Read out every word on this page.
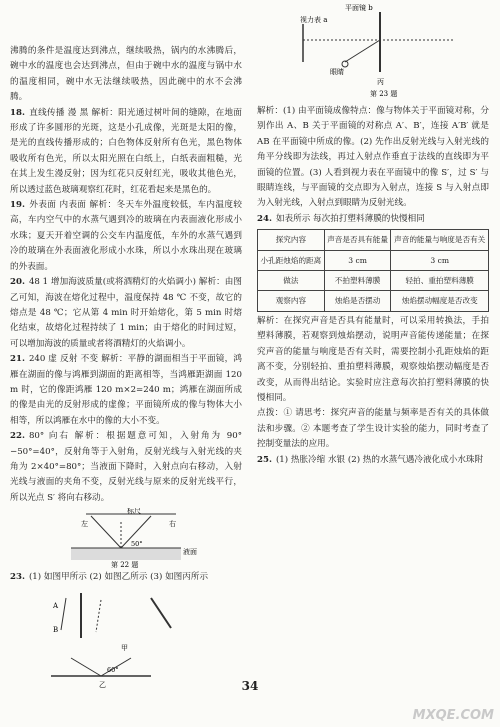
沸腾的条件是温度达到沸点，继续吸热，锅内的水沸腾后，碗中水的温度也会达到沸点，但由于碗中水的温度与锅中水的温度相同，碗中水无法继续吸热，因此碗中的水不会沸腾。

18. 直线传播 漫 黑 解析：阳光通过树叶间的缝隙，在地面形成了许多圆形的光斑，这是小孔成像，光斑是太阳的像，是光的直线传播形成的；白色物体反射所有色光，黑色物体吸收所有色光，所以太阳光照在白纸上，白纸表面粗糙，光在其上发生漫反射；因为红花只反射红光，吸收其他色光，所以透过蓝色玻璃观察红花时，红花看起来是黑色的。

19. 外表面 内表面 解析：冬天车外温度较低，车内温度较高，车内空气中的水蒸气遇到冷的玻璃在内表面液化形成小水珠；夏天开着空调的公交车内温度低，车外的水蒸气遇到冷的玻璃在外表面液化形成小水珠，所以小水珠出现在玻璃的外表面。

20. 48 1 增加海波质量(或将酒精灯的火焰调小) 解析：由图乙可知，海波在熔化过程中，温度保持 48 ℃ 不变，故它的熔点是 48 ℃；它从第 4 min 时开始熔化，第 5 min 时熔化结束，故熔化过程持续了 1 min；由于熔化的时间过短，可以增加海波的质量或者将酒精灯的火焰调小。

21. 240 虚 反射 不变 解析：平静的湖面相当于平面镜，鸿雁在湖面的像与鸿雁到湖面的距离相等，当鸿雁距湖面 120 m 时，它的像距鸿雁 120 m×2=240 m；鸿雁在湖面所成的像是由光的反射形成的虚像；平面镜所成的像与物体大小相等，所以鸿雁在水中的像的大小不变。

22. 80° 向右 解析：根据题意可知，入射角为 90°−50°=40°，反射角等于入射角，反射光线与入射光线的夹角为 2×40°=80°；当液面下降时，入射点向右移动，入射光线与液面的夹角不变，反射光线与原来的反射光线平行，所以光点 S′ 将向右移动。

标尺
左	右
50°
液面
第 22 题

23. (1) 如图甲所示 (2) 如图乙所示 (3) 如图丙所示

A
B
甲
60°
乙
平面镜 b
视力表 a
眼睛
丙
第 23 题

解析：(1) 由平面镜成像特点：像与物体关于平面镜对称，分别作出 A、B 关于平面镜的对称点 A′、B′，连接 A′B′ 就是 AB 在平面镜中所成的像。(2) 先作出反射光线与入射光线的角平分线即为法线，再过入射点作垂直于法线的直线即为平面镜的位置。(3) 人看到视力表在平面镜中的像 S′，过 S′ 与眼睛连线，与平面镜的交点即为入射点，连接 S 与入射点即为入射光线，入射点到眼睛为反射光线。

24. 如表所示 每次拍打塑料薄膜的快慢相同

探究内容	声音是否具有能量	声音的能量与响度是否有关
小孔距烛焰的距离	3 cm	3 cm
做法	不拍塑料薄膜	轻拍、重拍塑料薄膜
观察内容	烛焰是否摆动	烛焰摆动幅度是否改变

解析：在探究声音是否具有能量时，可以采用转换法，手拍塑料薄膜，若观察到烛焰摆动，说明声音能传递能量；在探究声音的能量与响度是否有关时，需要控制小孔距烛焰的距离不变，分别轻拍、重拍塑料薄膜，观察烛焰摆动幅度是否改变，从而得出结论。实验时应注意每次拍打塑料薄膜的快慢相同。

点拨：① 请思考：探究声音的能量与频率是否有关的具体做法和步骤。② 本题考查了学生设计实验的能力，同时考查了控制变量法的应用。

25. (1) 热胀冷缩 水银 (2) 热的水蒸气遇冷液化成小水珠附

34
MXQE.COM
